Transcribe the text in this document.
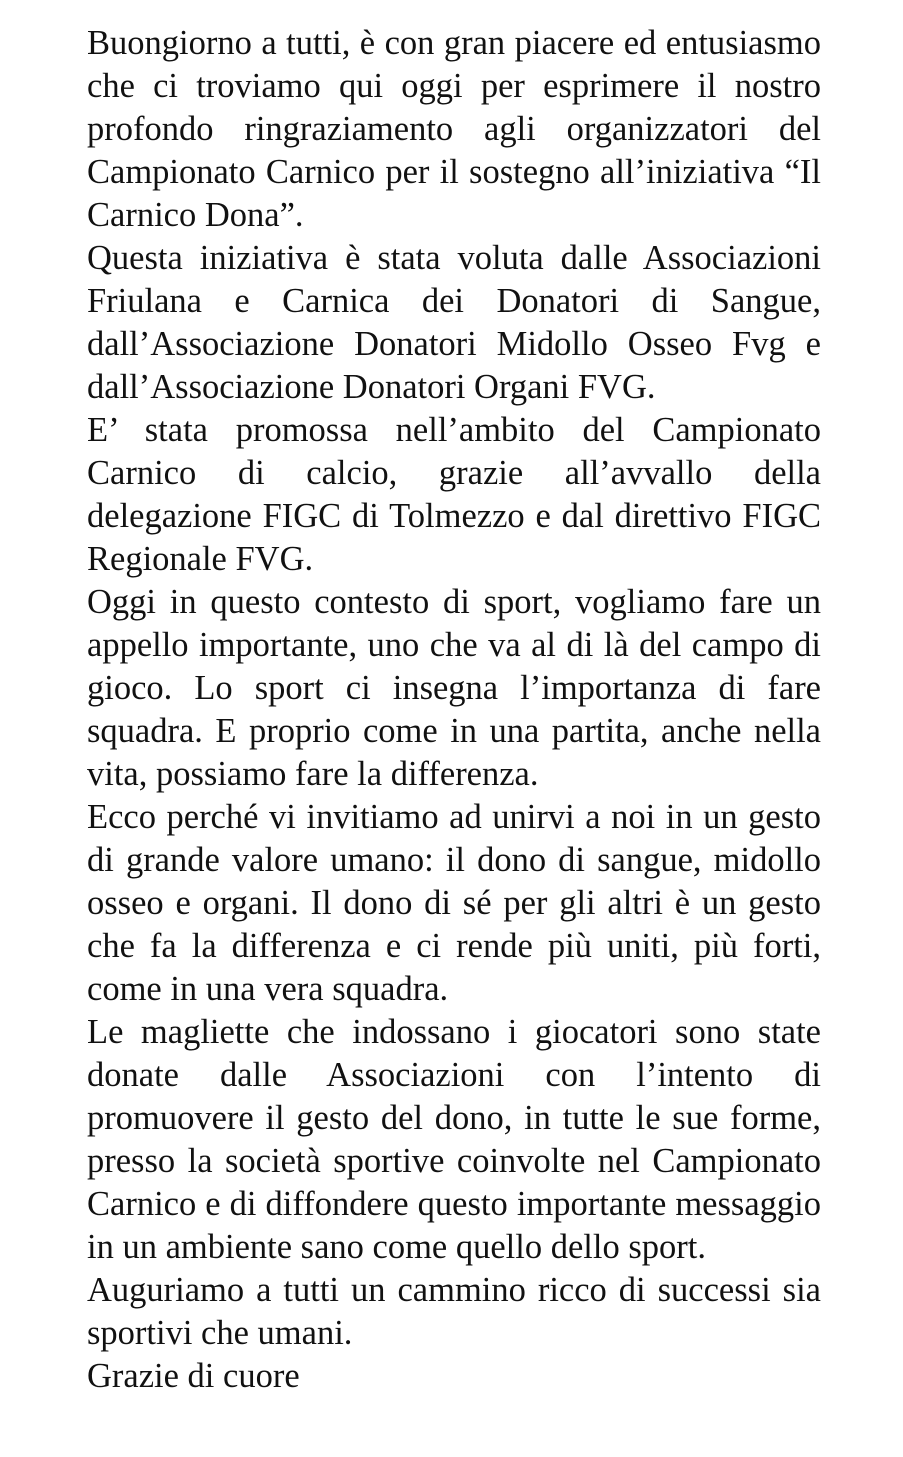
Buongiorno a tutti, è con gran piacere ed entusiasmo che ci troviamo qui oggi per esprimere il nostro profondo ringraziamento agli organizzatori del Campionato Carnico per il sostegno all’iniziativa “Il Carnico Dona”.

Questa iniziativa è stata voluta dalle Associazioni Friulana e Carnica dei Donatori di Sangue, dall’Associazione Donatori Midollo Osseo Fvg e dall’Associazione Donatori Organi FVG.

E’ stata promossa nell’ambito del Campionato Carnico di calcio, grazie all’avvallo della delegazione FIGC di Tolmezzo e dal direttivo FIGC Regionale FVG.

Oggi in questo contesto di sport, vogliamo fare un appello importante, uno che va al di là del campo di gioco. Lo sport ci insegna l’importanza di fare squadra. E proprio come in una partita, anche nella vita, possiamo fare la differenza.

Ecco perché vi invitiamo ad unirvi a noi in un gesto di grande valore umano: il dono di sangue, midollo osseo e organi. Il dono di sé per gli altri è un gesto che fa la differenza e ci rende più uniti, più forti, come in una vera squadra.

Le magliette che indossano i giocatori sono state donate dalle Associazioni con l’intento di promuovere il gesto del dono, in tutte le sue forme, presso la società sportive coinvolte nel Campionato Carnico e di diffondere questo importante messaggio in un ambiente sano come quello dello sport.

Auguriamo a tutti un cammino ricco di successi sia sportivi che umani.

Grazie di cuore
